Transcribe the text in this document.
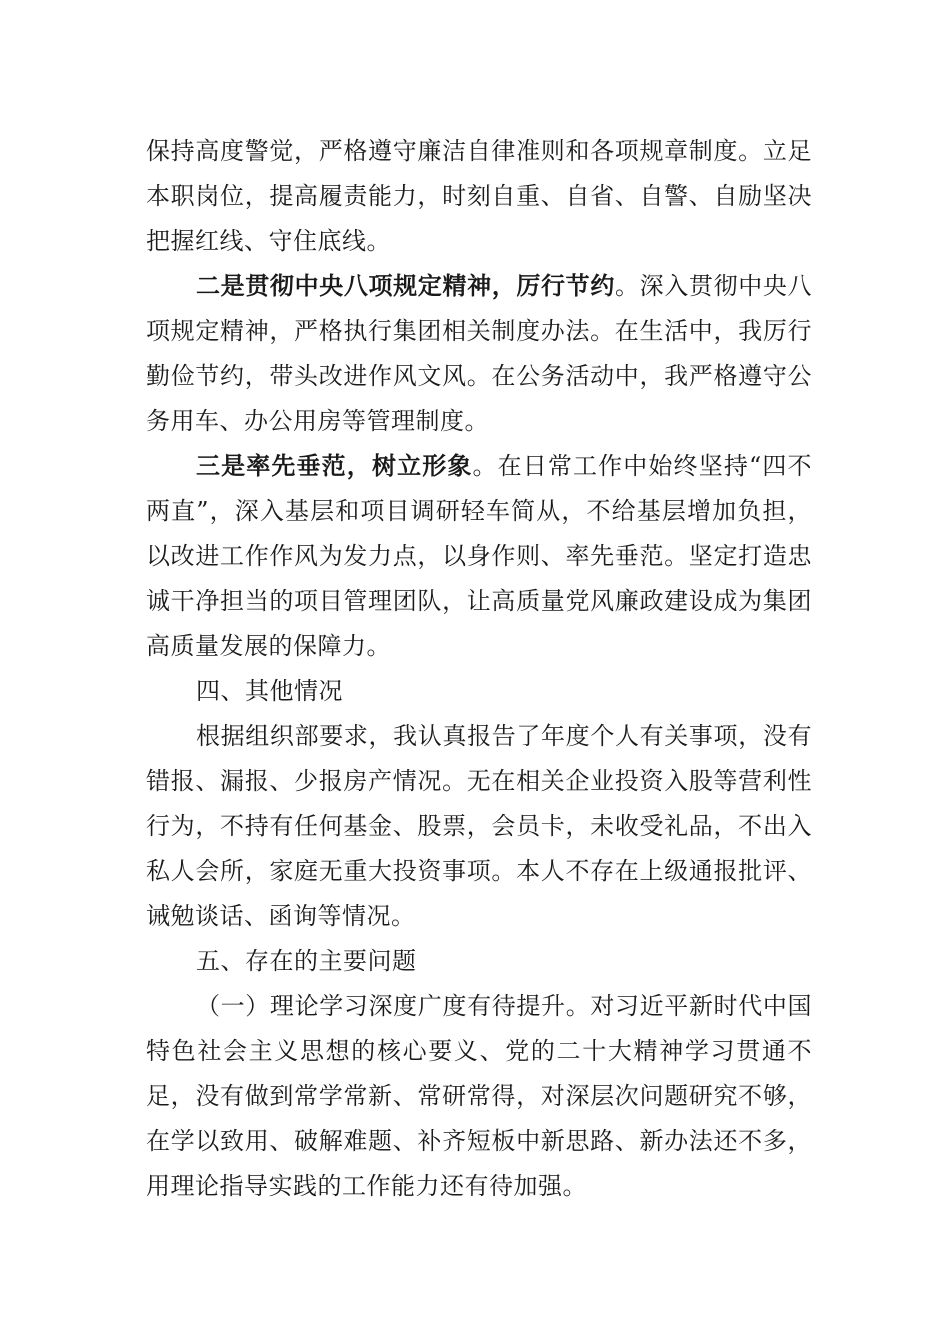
保持高度警觉，严格遵守廉洁自律准则和各项规章制度。立足本职岗位，提高履责能力，时刻自重、自省、自警、自励坚决把握红线、守住底线。

二是贯彻中央八项规定精神，厉行节约。深入贯彻中央八项规定精神，严格执行集团相关制度办法。在生活中，我厉行勤俭节约，带头改进作风文风。在公务活动中，我严格遵守公务用车、办公用房等管理制度。

三是率先垂范，树立形象。在日常工作中始终坚持“四不两直”，深入基层和项目调研轻车简从，不给基层增加负担，以改进工作作风为发力点，以身作则、率先垂范。坚定打造忠诚干净担当的项目管理团队，让高质量党风廉政建设成为集团高质量发展的保障力。

四、其他情况

根据组织部要求，我认真报告了年度个人有关事项，没有错报、漏报、少报房产情况。无在相关企业投资入股等营利性行为，不持有任何基金、股票，会员卡，未收受礼品，不出入私人会所，家庭无重大投资事项。本人不存在上级通报批评、诫勉谈话、函询等情况。

五、存在的主要问题

（一）理论学习深度广度有待提升。对习近平新时代中国特色社会主义思想的核心要义、党的二十大精神学习贯通不足，没有做到常学常新、常研常得，对深层次问题研究不够，在学以致用、破解难题、补齐短板中新思路、新办法还不多，用理论指导实践的工作能力还有待加强。
